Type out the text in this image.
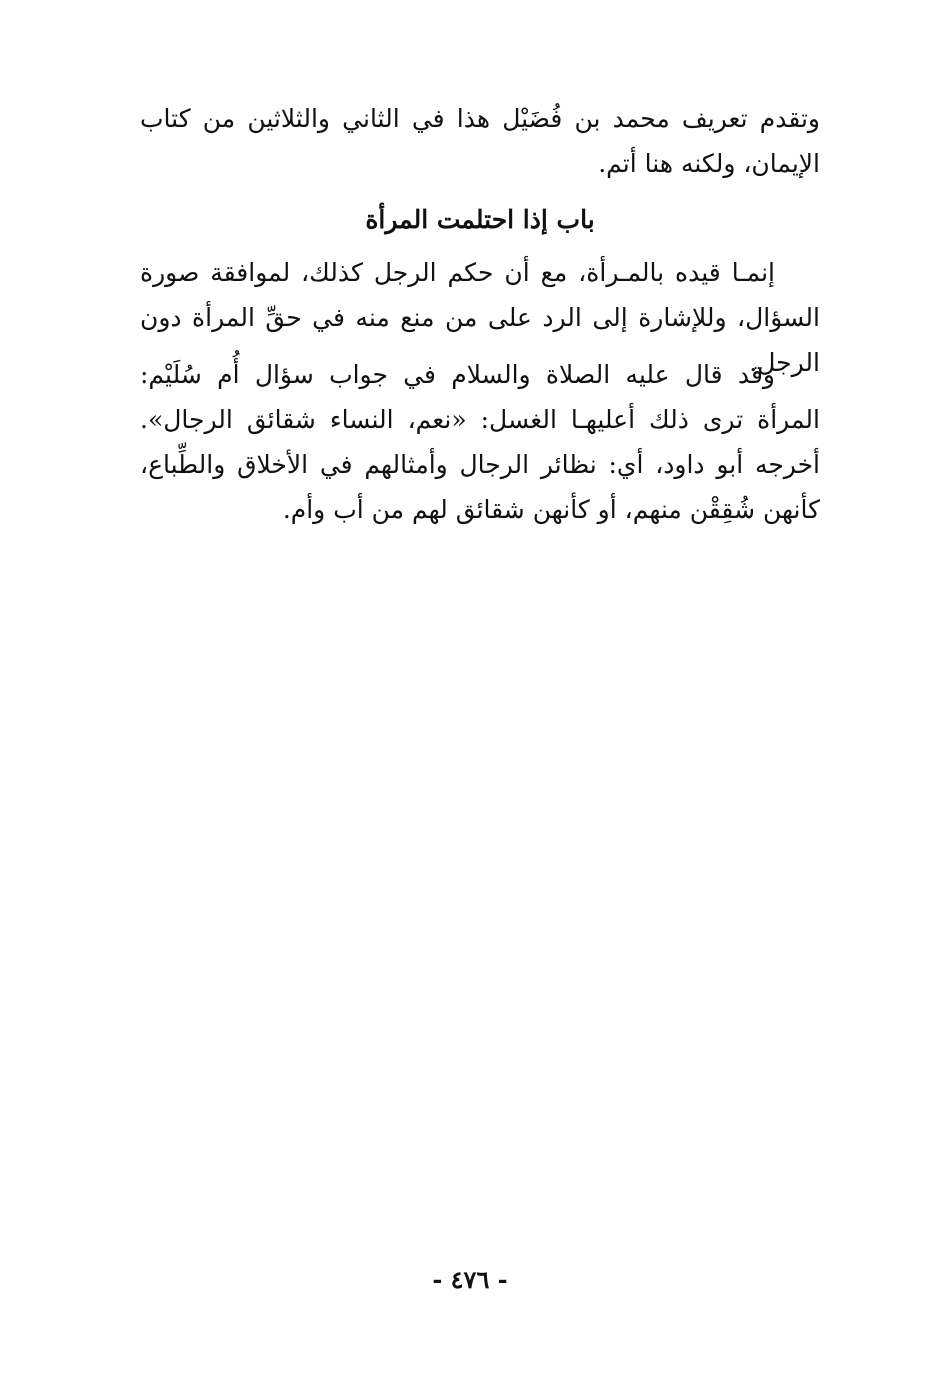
وتقدم تعريف محمد بن فُضَيْل هذا في الثاني والثلاثين من كتاب الإيمان، ولكنه هنا أتم.

باب إذا احتلمت المرأة

إنمـا قيده بالمـرأة، مع أن حكم الرجل كذلك، لموافقة صورة السؤال، وللإشارة إلى الرد على من منع منه في حقِّ المرأة دون الرجل.

وقد قال عليه الصلاة والسلام في جواب سؤال أُم سُلَيْم: المرأة ترى ذلك أعليهـا الغسل: «نعم، النساء شقائق الرجال». أخرجه أبو داود، أي: نظائر الرجال وأمثالهم في الأخلاق والطِّباع، كأنهن شُقِقْن منهم، أو كأنهن شقائق لهم من أب وأم.

- ٤٧٦ -
